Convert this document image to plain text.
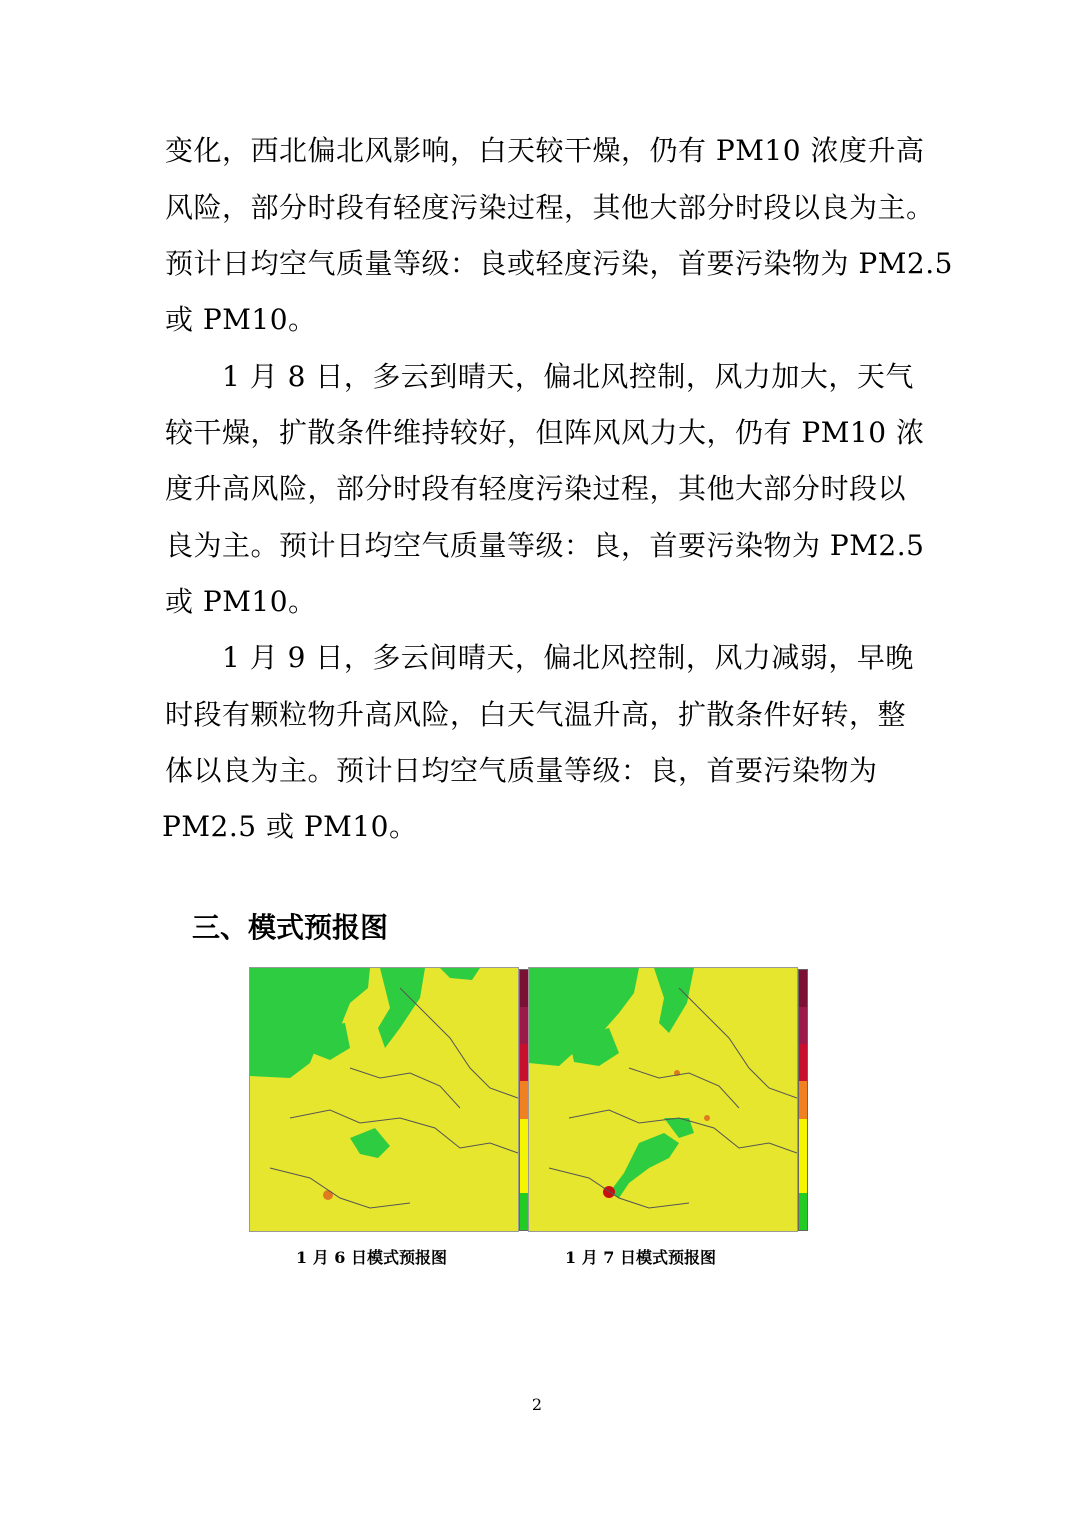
变化，西北偏北风影响，白天较干燥，仍有 PM10 浓度升高
风险，部分时段有轻度污染过程，其他大部分时段以良为主。
预计日均空气质量等级：良或轻度污染，首要污染物为 PM2.5
或 PM10。
1 月 8 日，多云到晴天，偏北风控制，风力加大，天气
较干燥，扩散条件维持较好，但阵风风力大，仍有 PM10 浓
度升高风险，部分时段有轻度污染过程，其他大部分时段以
良为主。预计日均空气质量等级：良，首要污染物为 PM2.5
或 PM10。
1 月 9 日，多云间晴天，偏北风控制，风力减弱，早晚
时段有颗粒物升高风险，白天气温升高，扩散条件好转，整
体以良为主。预计日均空气质量等级：良，首要污染物为
PM2.5 或 PM10。
三、模式预报图
1 月 6 日模式预报图	1 月 7 日模式预报图
2
